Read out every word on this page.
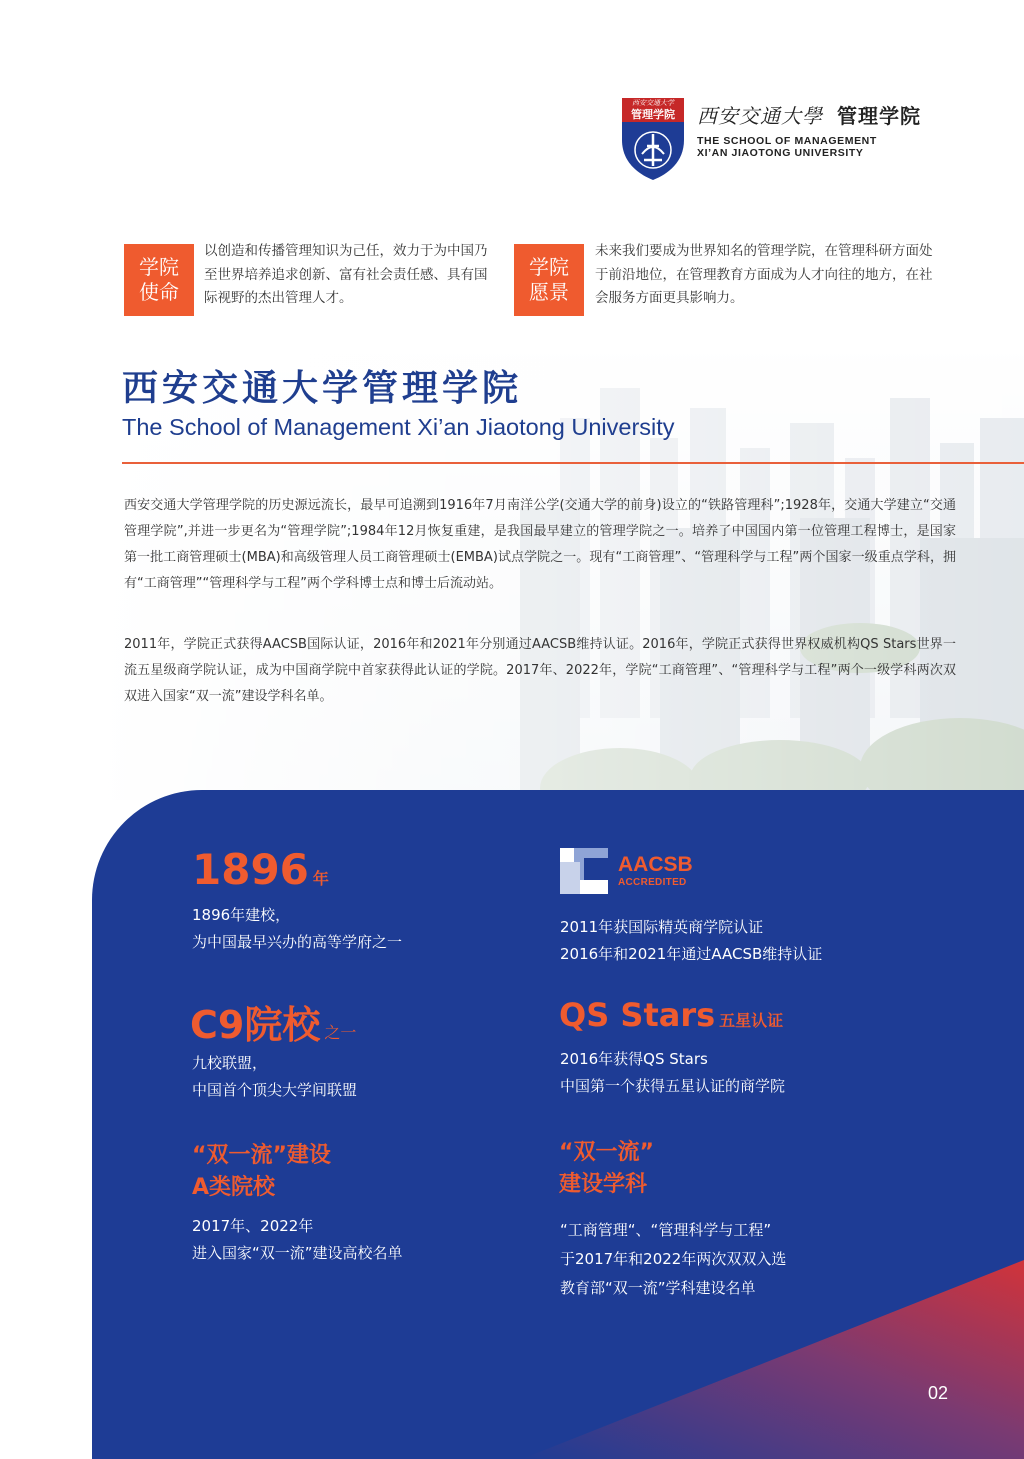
西安交通大学
管理学院	西安交通大學 管理学院
THE SCHOOL OF MANAGEMENT
XI’AN JIAOTONG UNIVERSITY
学院
使命
以创造和传播管理知识为己任，效力于为中国乃至世界培养追求创新、富有社会责任感、具有国际视野的杰出管理人才。
学院
愿景
未来我们要成为世界知名的管理学院，在管理科研方面处于前沿地位，在管理教育方面成为人才向往的地方，在社会服务方面更具影响力。
西安交通大学管理学院
The School of Management Xi’an Jiaotong University
西安交通大学管理学院的历史源远流长，最早可追溯到1916年7月南洋公学(交通大学的前身)设立的“铁路管理科”;1928年，交通大学建立“交通管理学院”,并进一步更名为“管理学院”;1984年12月恢复重建，是我国最早建立的管理学院之一。培养了中国国内第一位管理工程博士，是国家第一批工商管理硕士(MBA)和高级管理人员工商管理硕士(EMBA)试点学院之一。现有“工商管理”、“管理科学与工程”两个国家一级重点学科，拥有“工商管理”“管理科学与工程”两个学科博士点和博士后流动站。
2011年，学院正式获得AACSB国际认证，2016年和2021年分别通过AACSB维持认证。2016年，学院正式获得世界权威机构QS Stars世界一流五星级商学院认证，成为中国商学院中首家获得此认证的学院。2017年、2022年，学院“工商管理”、“管理科学与工程”两个一级学科两次双双进入国家“双一流”建设学科名单。
1896 年
1896年建校，
为中国最早兴办的高等学府之一
C9院校 之一
九校联盟，
中国首个顶尖大学间联盟
“双一流”建设
A类院校
2017年、2022年
进入国家“双一流”建设高校名单
AACSB
ACCREDITED
2011年获国际精英商学院认证
2016年和2021年通过AACSB维持认证
QS Stars 五星认证
2016年获得QS Stars
中国第一个获得五星认证的商学院
“双一流”
建设学科
“工商管理“、“管理科学与工程”
于2017年和2022年两次双双入选
教育部“双一流”学科建设名单
02
